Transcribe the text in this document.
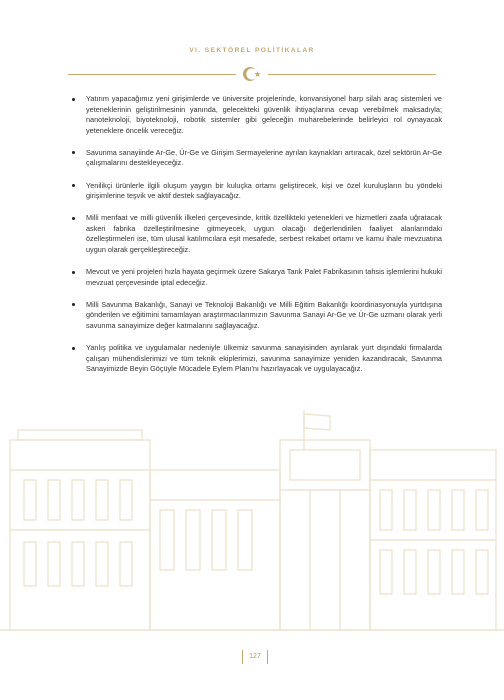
VI. SEKTÖREL POLİTİKALAR
Yatırım yapacağımız yeni girişimlerde ve üniversite projelerinde, konvansiyonel harp silah araç sistemleri ve yeteneklerinin geliştirilmesinin yanında, gelecekteki güvenlik ihtiyaçlarına cevap verebilmek maksadıyla; nanoteknoloji, biyoteknoloji, robotik sistemler gibi geleceğin muharebelerinde belirleyici rol oynayacak yeteneklere öncelik vereceğiz.
Savunma sanayiinde Ar-Ge, Ür-Ge ve Girişim Sermayelerine ayrılan kaynakları artıracak, özel sektörün Ar-Ge çalışmalarını destekleyeceğiz.
Yenilikçi ürünlerle ilgili oluşum yaygın bir kuluçka ortamı geliştirecek, kişi ve özel kuruluşların bu yöndeki girişimlerine teşvik ve aktif destek sağlayacağız.
Milli menfaat ve milli güvenlik ilkeleri çerçevesinde, kritik özellikteki yetenekleri ve hizmetleri zaafa uğratacak askeri fabrika özelleştirilmesine gitmeyecek, uygun olacağı değerlendirilen faaliyet alanlarındaki özelleştirmeleri ise, tüm ulusal katılımcılara eşit mesafede, serbest rekabet ortamı ve kamu ihale mevzuatına uygun olarak gerçekleştireceğiz.
Mevcut ve yeni projeleri hızla hayata geçirmek üzere Sakarya Tank Palet Fabrikasının tahsis işlemlerini hukuki mevzuat çerçevesinde iptal edeceğiz.
Milli Savunma Bakanlığı, Sanayi ve Teknoloji Bakanlığı ve Milli Eğitim Bakanlığı koordinasyonuyla yurtdışına gönderilen ve eğitimini tamamlayan araştırmacılarımızın Savunma Sanayi Ar-Ge ve Ür-Ge uzmanı olarak yerli savunma sanayimize değer katmalarını sağlayacağız.
Yanlış politika ve uygulamalar nedeniyle ülkemiz savunma sanayisinden ayrılarak yurt dışındaki firmalarda çalışan mühendislerimizi ve tüm teknik ekiplerimizi, savunma sanayimize yeniden kazandıracak, Savunma Sanayimizde Beyin Göçüyle Mücadele Eylem Planı'nı hazırlayacak ve uygulayacağız.
127
